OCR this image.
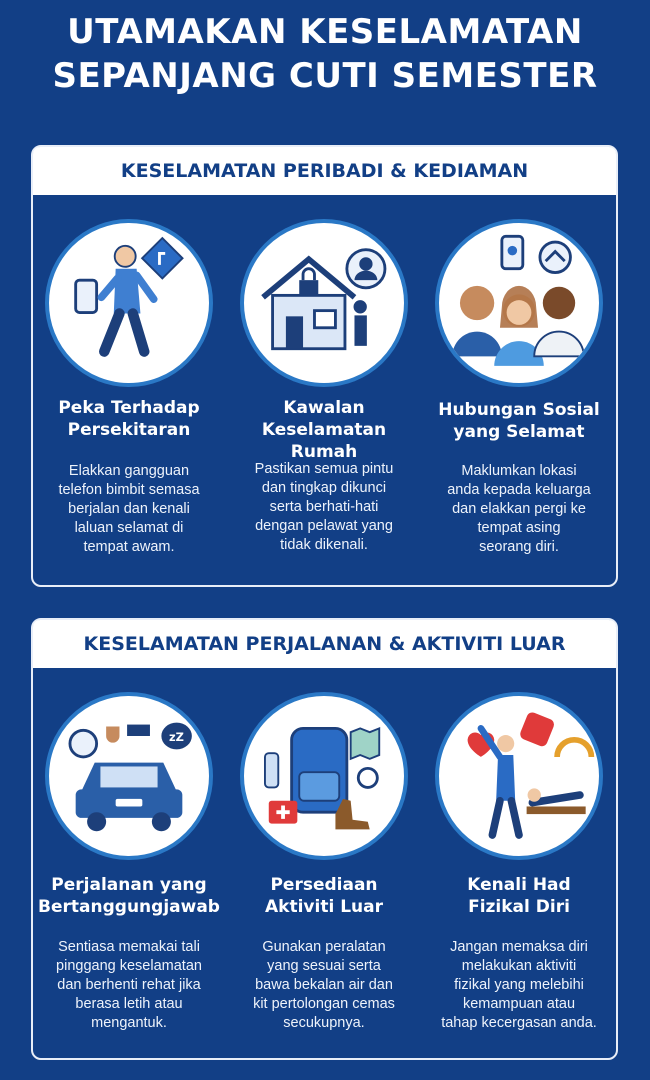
UTAMAKAN KESELAMATAN
SEPANJANG CUTI SEMESTER
KESELAMATAN PERIBADI & KEDIAMAN
Peka Terhadap
Persekitaran
Elakkan gangguan
telefon bimbit semasa
berjalan dan kenali
laluan selamat di
tempat awam.
Kawalan
Keselamatan
Rumah
Pastikan semua pintu
dan tingkap dikunci
serta berhati-hati
dengan pelawat yang
tidak dikenali.
Hubungan Sosial
yang Selamat
Maklumkan lokasi
anda kepada keluarga
dan elakkan pergi ke
tempat asing
seorang diri.
KESELAMATAN PERJALANAN & AKTIVITI LUAR
zZ
Perjalanan yang
Bertanggungjawab
Sentiasa memakai tali
pinggang keselamatan
dan berhenti rehat jika
berasa letih atau
mengantuk.
Persediaan
Aktiviti Luar
Gunakan peralatan
yang sesuai serta
bawa bekalan air dan
kit pertolongan cemas
secukupnya.
Kenali Had
Fizikal Diri
Jangan memaksa diri
melakukan aktiviti
fizikal yang melebihi
kemampuan atau
tahap kecergasan anda.
